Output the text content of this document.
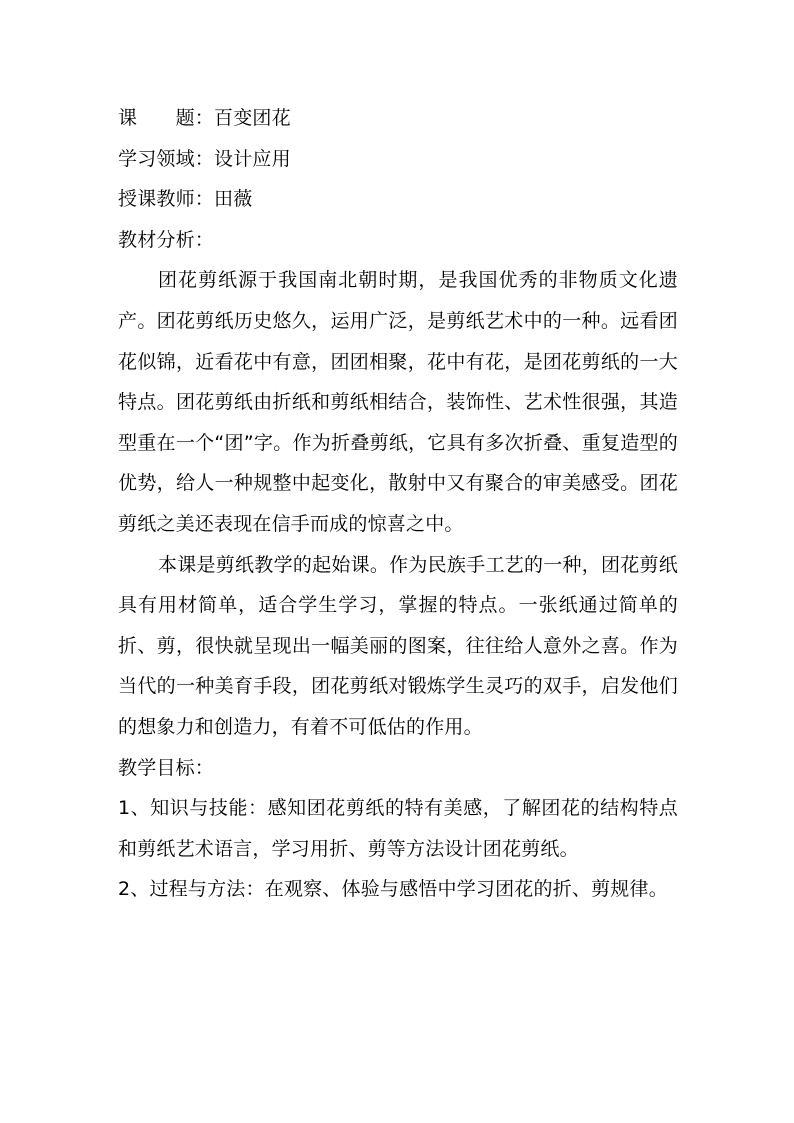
课　　题：百变团花

学习领域：设计应用

授课教师：田薇

教材分析：

团花剪纸源于我国南北朝时期，是我国优秀的非物质文化遗产。团花剪纸历史悠久，运用广泛，是剪纸艺术中的一种。远看团花似锦，近看花中有意，团团相聚，花中有花，是团花剪纸的一大特点。团花剪纸由折纸和剪纸相结合，装饰性、艺术性很强，其造型重在一个“团”字。作为折叠剪纸，它具有多次折叠、重复造型的优势，给人一种规整中起变化，散射中又有聚合的审美感受。团花剪纸之美还表现在信手而成的惊喜之中。

本课是剪纸教学的起始课。作为民族手工艺的一种，团花剪纸具有用材简单，适合学生学习，掌握的特点。一张纸通过简单的折、剪，很快就呈现出一幅美丽的图案，往往给人意外之喜。作为当代的一种美育手段，团花剪纸对锻炼学生灵巧的双手，启发他们的想象力和创造力，有着不可低估的作用。

教学目标：

1、知识与技能：感知团花剪纸的特有美感，了解团花的结构特点和剪纸艺术语言，学习用折、剪等方法设计团花剪纸。

2、过程与方法：在观察、体验与感悟中学习团花的折、剪规律。
